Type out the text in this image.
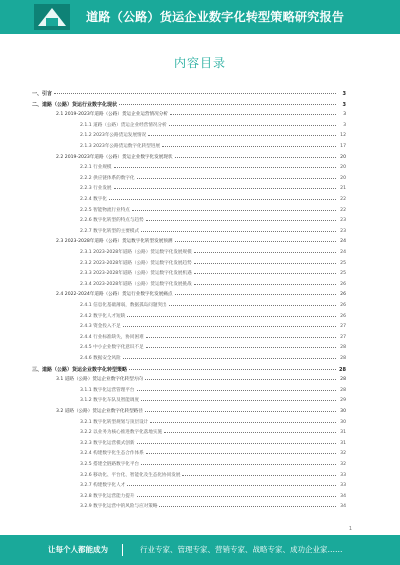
道路（公路）货运企业数字化转型策略研究报告
内容目录
一、引言	3
二、道路（公路）货运行业数字化现状	3
2.1 2019-2023年道路（公路）货运企业运营情况分析	3
2.1.1 道路（公路）货运企业经营情况分析	3
2.1.2 2023年公路货运发展情况	12
2.1.3 2023年公路货运数字化转型进展	17
2.2 2019-2023年道路（公路）货运企业数字化发展现状	20
2.2.1 行业规模	20
2.2.2 供应链体系的数字化	20
2.2.3 行业发展	21
2.2.4 数字化	22
2.2.5 智能物流行业特点	22
2.2.6 数字化转型的特点与趋势	23
2.2.7 数字化转型的主要模式	23
2.3 2023-2028年道路（公路）货运数字化转型发展预测	24
2.3.1 2023-2028年道路（公路）货运数字化发展规模	24
2.3.2 2023-2028年道路（公路）货运数字化发展趋势	25
2.3.3 2023-2028年道路（公路）货运数字化发展机遇	25
2.3.4 2023-2028年道路（公路）货运数字化发展挑战	26
2.4 2022-2024年道路（公路）货运行业数字化发展痛点	26
2.4.1 信息化基础薄弱，数据孤岛问题突出	26
2.4.2 数字化人才短缺	26
2.4.3 资金投入不足	27
2.4.4 行业标准缺失，协同困难	27
2.4.5 中小企业数字化意识不足	28
2.4.6 数据安全风险	28
三、道路（公路）货运企业数字化转型策略	28
3.1 道路（公路）货运企业数字化转型方向	28
3.1.1 数字化运营管理平台	28
3.1.2 数字化车队及智能调度	29
3.2 道路（公路）货运企业数字化转型路径	30
3.2.1 数字化转型规划与顶层设计	30
3.2.2 以业务为核心推进数字化落地实施	31
3.2.3 数字化运营模式创新	31
3.2.4 构建数字化生态合作体系	32
3.2.5 搭建全链路数字化平台	32
3.2.6 移动化、平台化、智能化及生态化协同发展	33
3.2.7 构建数字化人才	33
3.2.8 数字化运营能力提升	34
3.2.9 数字化运营中的风险与应对策略	34
1
让每个人都能成为	行业专家、管理专家、营销专家、战略专家、成功企业家……
